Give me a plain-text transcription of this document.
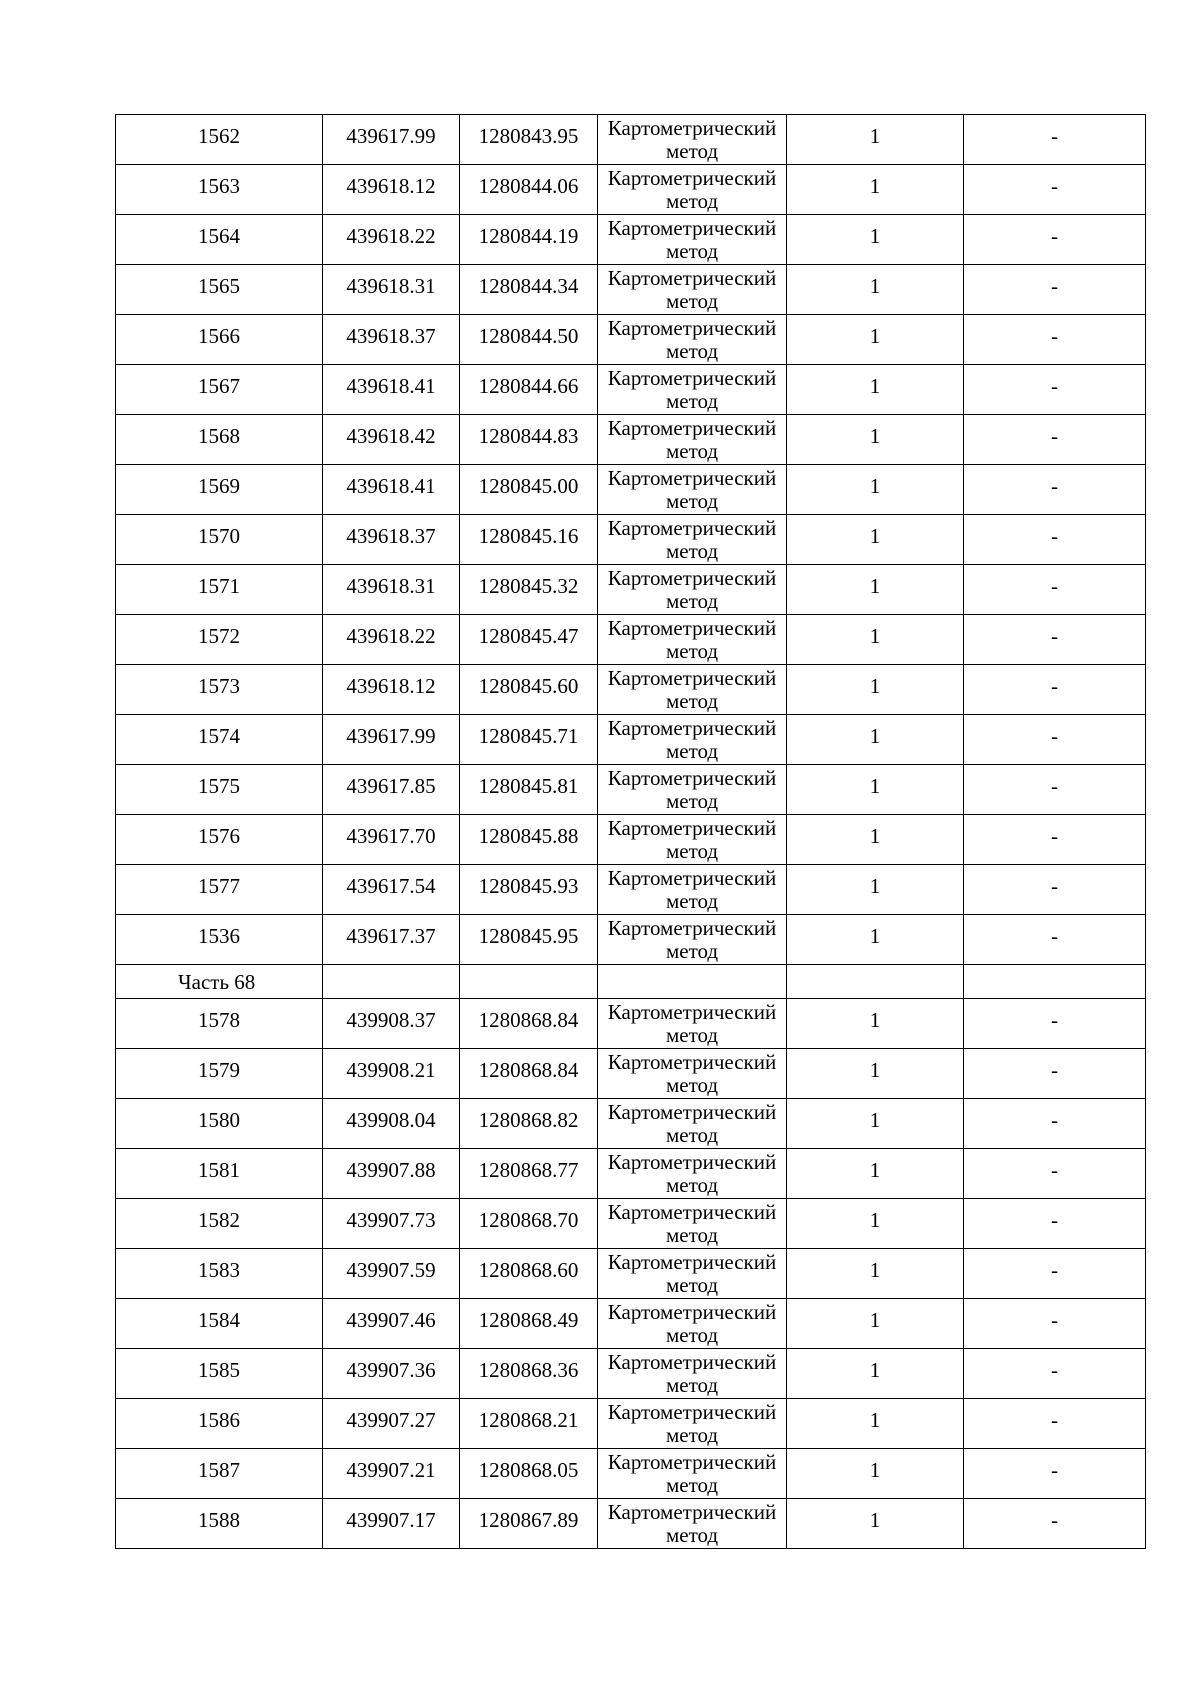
1562	439617.99	1280843.95	Картометрический
метод	1	-
1563	439618.12	1280844.06	Картометрический
метод	1	-
1564	439618.22	1280844.19	Картометрический
метод	1	-
1565	439618.31	1280844.34	Картометрический
метод	1	-
1566	439618.37	1280844.50	Картометрический
метод	1	-
1567	439618.41	1280844.66	Картометрический
метод	1	-
1568	439618.42	1280844.83	Картометрический
метод	1	-
1569	439618.41	1280845.00	Картометрический
метод	1	-
1570	439618.37	1280845.16	Картометрический
метод	1	-
1571	439618.31	1280845.32	Картометрический
метод	1	-
1572	439618.22	1280845.47	Картометрический
метод	1	-
1573	439618.12	1280845.60	Картометрический
метод	1	-
1574	439617.99	1280845.71	Картометрический
метод	1	-
1575	439617.85	1280845.81	Картометрический
метод	1	-
1576	439617.70	1280845.88	Картометрический
метод	1	-
1577	439617.54	1280845.93	Картометрический
метод	1	-
1536	439617.37	1280845.95	Картометрический
метод	1	-
Часть 68					
1578	439908.37	1280868.84	Картометрический
метод	1	-
1579	439908.21	1280868.84	Картометрический
метод	1	-
1580	439908.04	1280868.82	Картометрический
метод	1	-
1581	439907.88	1280868.77	Картометрический
метод	1	-
1582	439907.73	1280868.70	Картометрический
метод	1	-
1583	439907.59	1280868.60	Картометрический
метод	1	-
1584	439907.46	1280868.49	Картометрический
метод	1	-
1585	439907.36	1280868.36	Картометрический
метод	1	-
1586	439907.27	1280868.21	Картометрический
метод	1	-
1587	439907.21	1280868.05	Картометрический
метод	1	-
1588	439907.17	1280867.89	Картометрический
метод	1	-
